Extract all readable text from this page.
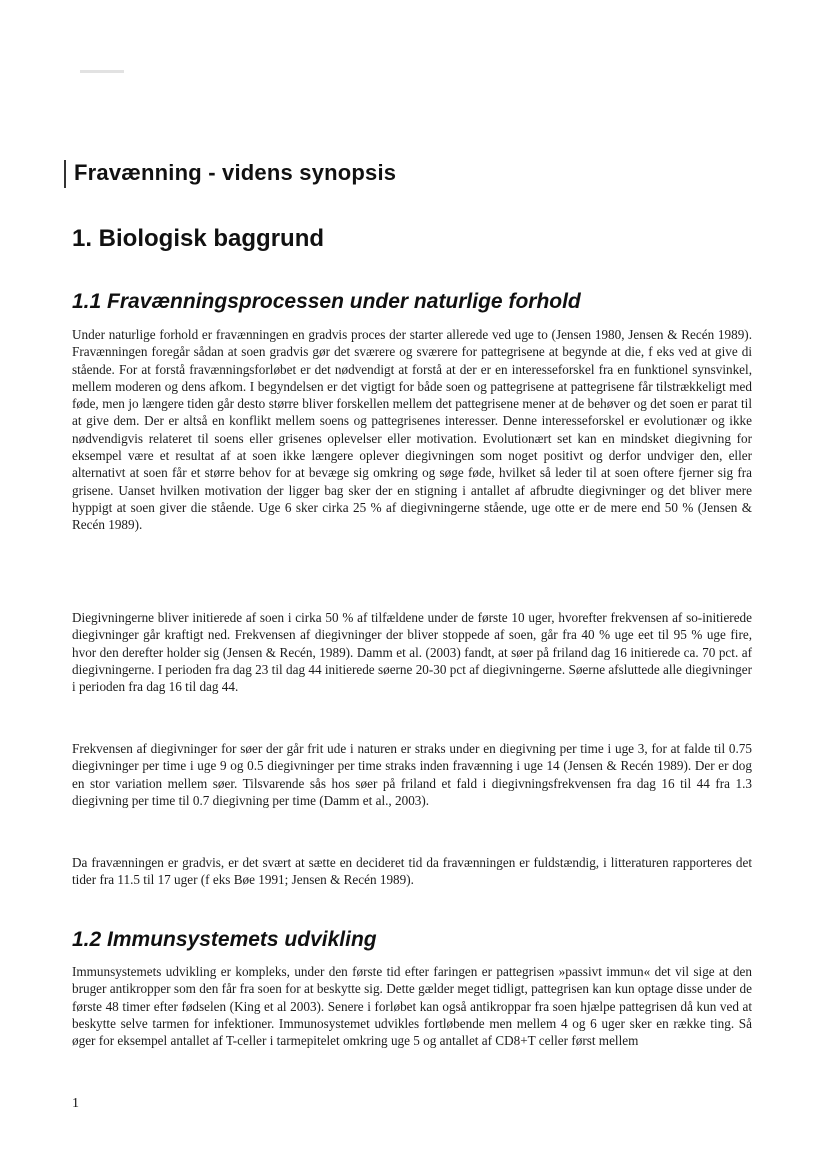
Fravænning - videns synopsis
1. Biologisk baggrund
1.1 Fravænningsprocessen under naturlige forhold
Under naturlige forhold er fravænningen en gradvis proces der starter allerede ved uge to (Jensen 1980, Jensen & Recén 1989). Fravænningen foregår sådan at soen gradvis gør det sværere og sværere for pattegrisene at begynde at die, f eks ved at give di stående. For at forstå fravænningsforløbet er det nødvendigt at forstå at der er en interesseforskel fra en funktionel synsvinkel, mellem moderen og dens afkom. I begyndelsen er det vigtigt for både soen og pattegrisene at pattegrisene får tilstrækkeligt med føde, men jo længere tiden går desto større bliver forskellen mellem det pattegrisene mener at de behøver og det soen er parat til at give dem. Der er altså en konflikt mellem soens og pattegrisenes interesser. Denne interesseforskel er evolutionær og ikke nødvendigvis relateret til soens eller grisenes oplevelser eller motivation. Evolutionært set kan en mindsket diegivning for eksempel være et resultat af at soen ikke længere oplever diegivningen som noget positivt og derfor undviger den, eller alternativt at soen får et større behov for at bevæge sig omkring og søge føde, hvilket så leder til at soen oftere fjerner sig fra grisene. Uanset hvilken motivation der ligger bag sker der en stigning i antallet af afbrudte diegivninger og det bliver mere hyppigt at soen giver die stående. Uge 6 sker cirka 25 % af diegivningerne stående, uge otte er de mere end 50 % (Jensen & Recén 1989).
Diegivningerne bliver initierede af soen i cirka 50 % af tilfældene under de første 10 uger, hvorefter frekvensen af so-initierede diegivninger går kraftigt ned. Frekvensen af diegivninger der bliver stoppede af soen, går fra 40 % uge eet til 95 % uge fire, hvor den derefter holder sig (Jensen & Recén, 1989). Damm et al. (2003) fandt, at søer på friland dag 16 initierede ca. 70 pct. af diegivningerne. I perioden fra dag 23 til dag 44 initierede søerne 20-30 pct af diegivningerne. Søerne afsluttede alle diegivninger i perioden fra dag 16 til dag 44.
Frekvensen af diegivninger for søer der går frit ude i naturen er straks under en diegivning per time i uge 3, for at falde til 0.75 diegivninger per time i uge 9 og 0.5 diegivninger per time straks inden fravænning i uge 14 (Jensen & Recén 1989). Der er dog en stor variation mellem søer. Tilsvarende sås hos søer på friland et fald i diegivningsfrekvensen fra dag 16 til 44 fra 1.3 diegivning per time til 0.7 diegivning per time (Damm et al., 2003).
Da fravænningen er gradvis, er det svært at sætte en decideret tid da fravænningen er fuldstændig, i litteraturen rapporteres det tider fra 11.5 til 17 uger (f eks Bøe 1991; Jensen & Recén 1989).
1.2 Immunsystemets udvikling
Immunsystemets udvikling er kompleks, under den første tid efter faringen er pattegrisen »passivt immun« det vil sige at den bruger antikropper som den får fra soen for at beskytte sig. Dette gælder meget tidligt, pattegrisen kan kun optage disse under de første 48 timer efter fødselen (King et al 2003). Senere i forløbet kan også antikroppar fra soen hjælpe pattegrisen då kun ved at beskytte selve tarmen for infektioner. Immunosystemet udvikles fortløbende men mellem 4 og 6 uger sker en række ting. Så øger for eksempel antallet af T-celler i tarmepitelet omkring uge 5 og antallet af CD8+T celler først mellem
1
